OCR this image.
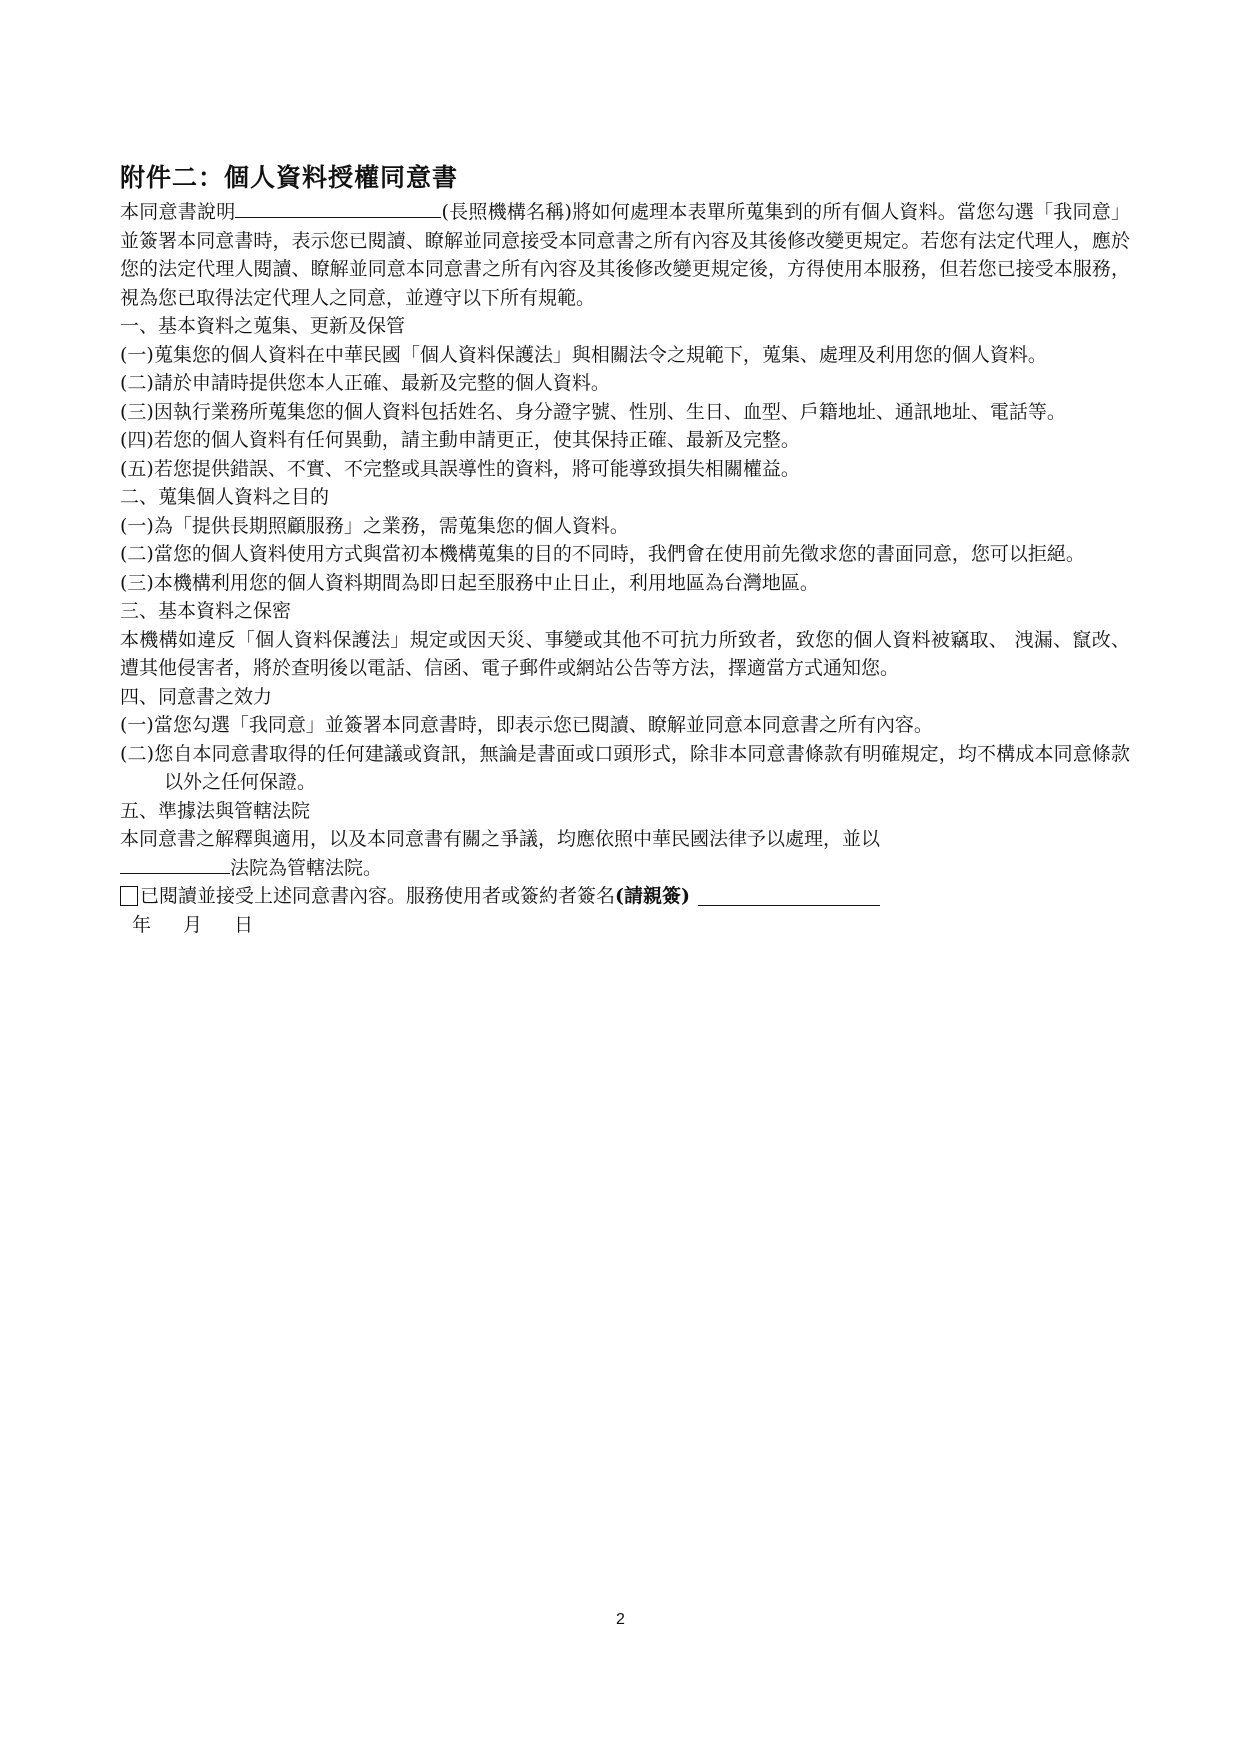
附件二：個人資料授權同意書

本同意書說明	(長照機構名稱)將如何處理本表單所蒐集到的所有個人資料。當您勾選「我同意」並簽署本同意書時，表示您已閱讀、瞭解並同意接受本同意書之所有內容及其後修改變更規定。若您有法定代理人，應於您的法定代理人閱讀、瞭解並同意本同意書之所有內容及其後修改變更規定後，方得使用本服務，但若您已接受本服務，視為您已取得法定代理人之同意，並遵守以下所有規範。

一、基本資料之蒐集、更新及保管

(一)蒐集您的個人資料在中華民國「個人資料保護法」與相關法令之規範下，蒐集、處理及利用您的個人資料。

(二)請於申請時提供您本人正確、最新及完整的個人資料。

(三)因執行業務所蒐集您的個人資料包括姓名、身分證字號、性別、生日、血型、戶籍地址、通訊地址、電話等。

(四)若您的個人資料有任何異動，請主動申請更正，使其保持正確、最新及完整。

(五)若您提供錯誤、不實、不完整或具誤導性的資料，將可能導致損失相關權益。

二、蒐集個人資料之目的

(一)為「提供長期照顧服務」之業務，需蒐集您的個人資料。

(二)當您的個人資料使用方式與當初本機構蒐集的目的不同時，我們會在使用前先徵求您的書面同意，您可以拒絕。

(三)本機構利用您的個人資料期間為即日起至服務中止日止，利用地區為台灣地區。

三、基本資料之保密

本機構如違反「個人資料保護法」規定或因天災、事變或其他不可抗力所致者，致您的個人資料被竊取、 洩漏、竄改、遭其他侵害者，將於查明後以電話、信函、電子郵件或網站公告等方法，擇適當方式通知您。

四、同意書之效力

(一)當您勾選「我同意」並簽署本同意書時，即表示您已閱讀、瞭解並同意本同意書之所有內容。

(二)您自本同意書取得的任何建議或資訊，無論是書面或口頭形式，除非本同意書條款有明確規定，均不構成本同意條款以外之任何保證。

五、準據法與管轄法院

本同意書之解釋與適用，以及本同意書有關之爭議，均應依照中華民國法律予以處理，並以
法院為管轄法院。

已閱讀並接受上述同意書內容。服務使用者或簽約者簽名 (請親簽)

年 月 日

2
